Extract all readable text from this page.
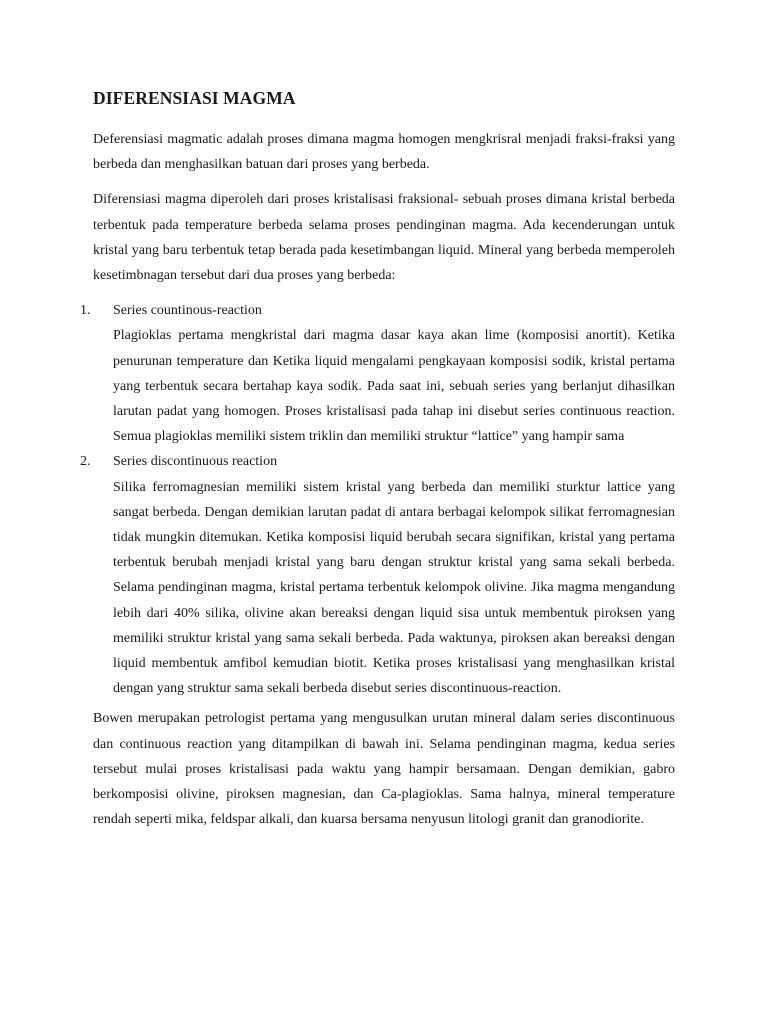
DIFERENSIASI MAGMA

Deferensiasi magmatic adalah proses dimana magma homogen mengkrisral menjadi fraksi-fraksi yang berbeda dan menghasilkan batuan dari proses yang berbeda.

Diferensiasi magma diperoleh dari proses kristalisasi fraksional- sebuah proses dimana kristal berbeda terbentuk pada temperature berbeda selama proses pendinginan magma. Ada kecenderungan untuk kristal yang baru terbentuk tetap berada pada kesetimbangan liquid. Mineral yang berbeda memperoleh kesetimbnagan tersebut dari dua proses yang berbeda:

1. Series countinous-reaction

Plagioklas pertama mengkristal dari magma dasar kaya akan lime (komposisi anortit). Ketika penurunan temperature dan Ketika liquid mengalami pengkayaan komposisi sodik, kristal pertama yang terbentuk secara bertahap kaya sodik. Pada saat ini, sebuah series yang berlanjut dihasilkan larutan padat yang homogen. Proses kristalisasi pada tahap ini disebut series continuous reaction. Semua plagioklas memiliki sistem triklin dan memiliki struktur “lattice” yang hampir sama

2. Series discontinuous reaction

Silika ferromagnesian memiliki sistem kristal yang berbeda dan memiliki sturktur lattice yang sangat berbeda. Dengan demikian larutan padat di antara berbagai kelompok silikat ferromagnesian tidak mungkin ditemukan. Ketika komposisi liquid berubah secara signifikan, kristal yang pertama terbentuk berubah menjadi kristal yang baru dengan struktur kristal yang sama sekali berbeda. Selama pendinginan magma, kristal pertama terbentuk kelompok olivine. Jika magma mengandung lebih dari 40% silika, olivine akan bereaksi dengan liquid sisa untuk membentuk piroksen yang memiliki struktur kristal yang sama sekali berbeda. Pada waktunya, piroksen akan bereaksi dengan liquid membentuk amfibol kemudian biotit. Ketika proses kristalisasi yang menghasilkan kristal dengan yang struktur sama sekali berbeda disebut series discontinuous-reaction.

Bowen merupakan petrologist pertama yang mengusulkan urutan mineral dalam series discontinuous dan continuous reaction yang ditampilkan di bawah ini. Selama pendinginan magma, kedua series tersebut mulai proses kristalisasi pada waktu yang hampir bersamaan. Dengan demikian, gabro berkomposisi olivine, piroksen magnesian, dan Ca-plagioklas. Sama halnya, mineral temperature rendah seperti mika, feldspar alkali, dan kuarsa bersama nenyusun litologi granit dan granodiorite.
